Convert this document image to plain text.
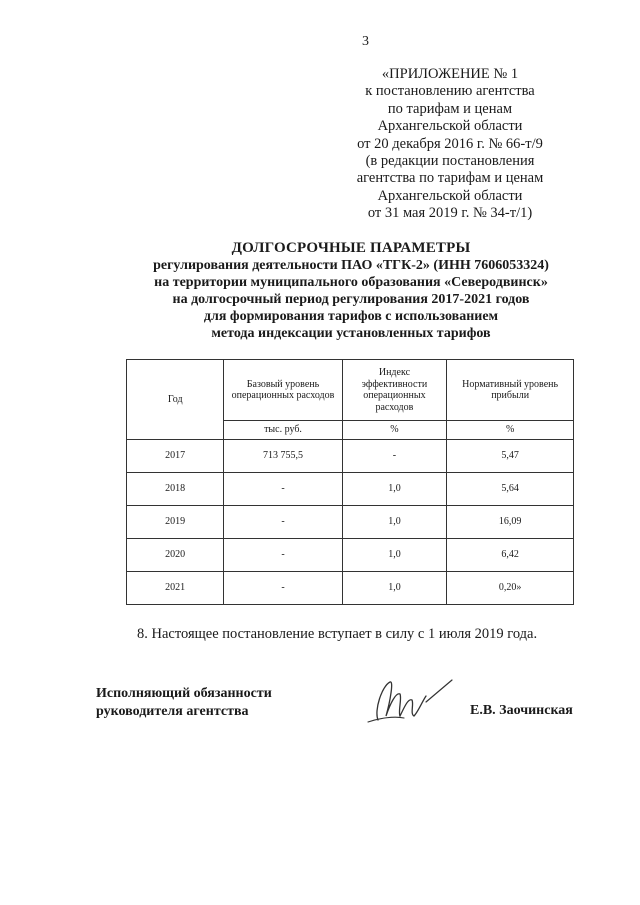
3
«ПРИЛОЖЕНИЕ № 1
к постановлению агентства
по тарифам и ценам
Архангельской области
от 20 декабря 2016 г. № 66-т/9
(в редакции постановления
агентства по тарифам и ценам
Архангельской области
от 31 мая 2019 г. № 34-т/1)
ДОЛГОСРОЧНЫЕ ПАРАМЕТРЫ
регулирования деятельности ПАО «ТГК-2» (ИНН 7606053324)
на территории муниципального образования «Северодвинск»
на долгосрочный период регулирования 2017-2021 годов
для формирования тарифов с использованием
метода индексации установленных тарифов
Год	Базовый уровень операционных расходов	Индекс эффективности операционных расходов	Нормативный уровень прибыли
	тыс. руб.	%	%
2017	713 755,5	-	5,47
2018	-	1,0	5,64
2019	-	1,0	16,09
2020	-	1,0	6,42
2021	-	1,0	0,20»
8. Настоящее постановление вступает в силу с 1 июля 2019 года.
Исполняющий обязанности
руководителя агентства	Е.В. Заочинская
